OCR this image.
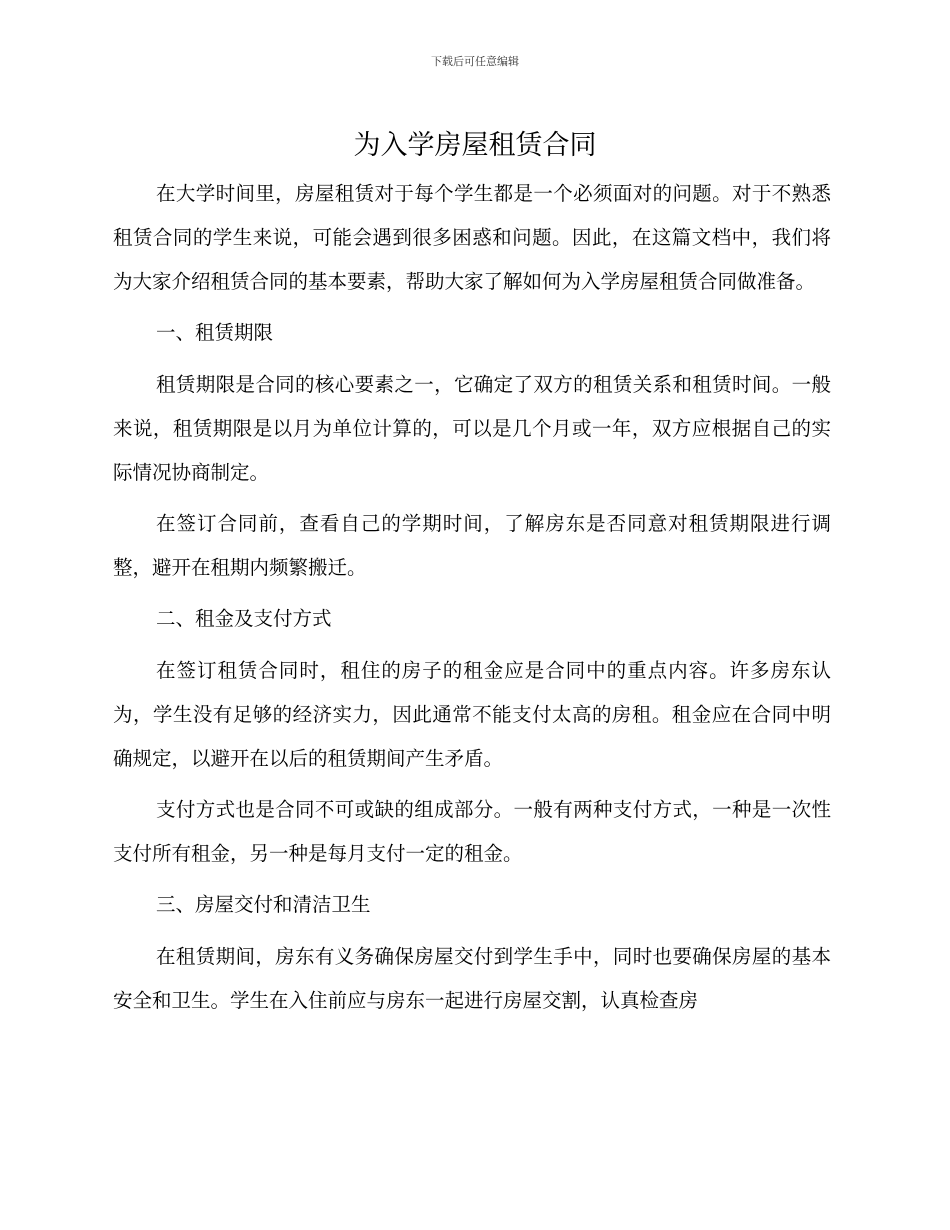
下载后可任意编辑
为入学房屋租赁合同

在大学时间里，房屋租赁对于每个学生都是一个必须面对的问题。对于不熟悉租赁合同的学生来说，可能会遇到很多困惑和问题。因此，在这篇文档中，我们将为大家介绍租赁合同的基本要素，帮助大家了解如何为入学房屋租赁合同做准备。

一、租赁期限

租赁期限是合同的核心要素之一，它确定了双方的租赁关系和租赁时间。一般来说，租赁期限是以月为单位计算的，可以是几个月或一年，双方应根据自己的实际情况协商制定。

在签订合同前，查看自己的学期时间，了解房东是否同意对租赁期限进行调整，避开在租期内频繁搬迁。

二、租金及支付方式

在签订租赁合同时，租住的房子的租金应是合同中的重点内容。许多房东认为，学生没有足够的经济实力，因此通常不能支付太高的房租。租金应在合同中明确规定，以避开在以后的租赁期间产生矛盾。

支付方式也是合同不可或缺的组成部分。一般有两种支付方式，一种是一次性支付所有租金，另一种是每月支付一定的租金。

三、房屋交付和清洁卫生

在租赁期间，房东有义务确保房屋交付到学生手中，同时也要确保房屋的基本安全和卫生。学生在入住前应与房东一起进行房屋交割，认真检查房
